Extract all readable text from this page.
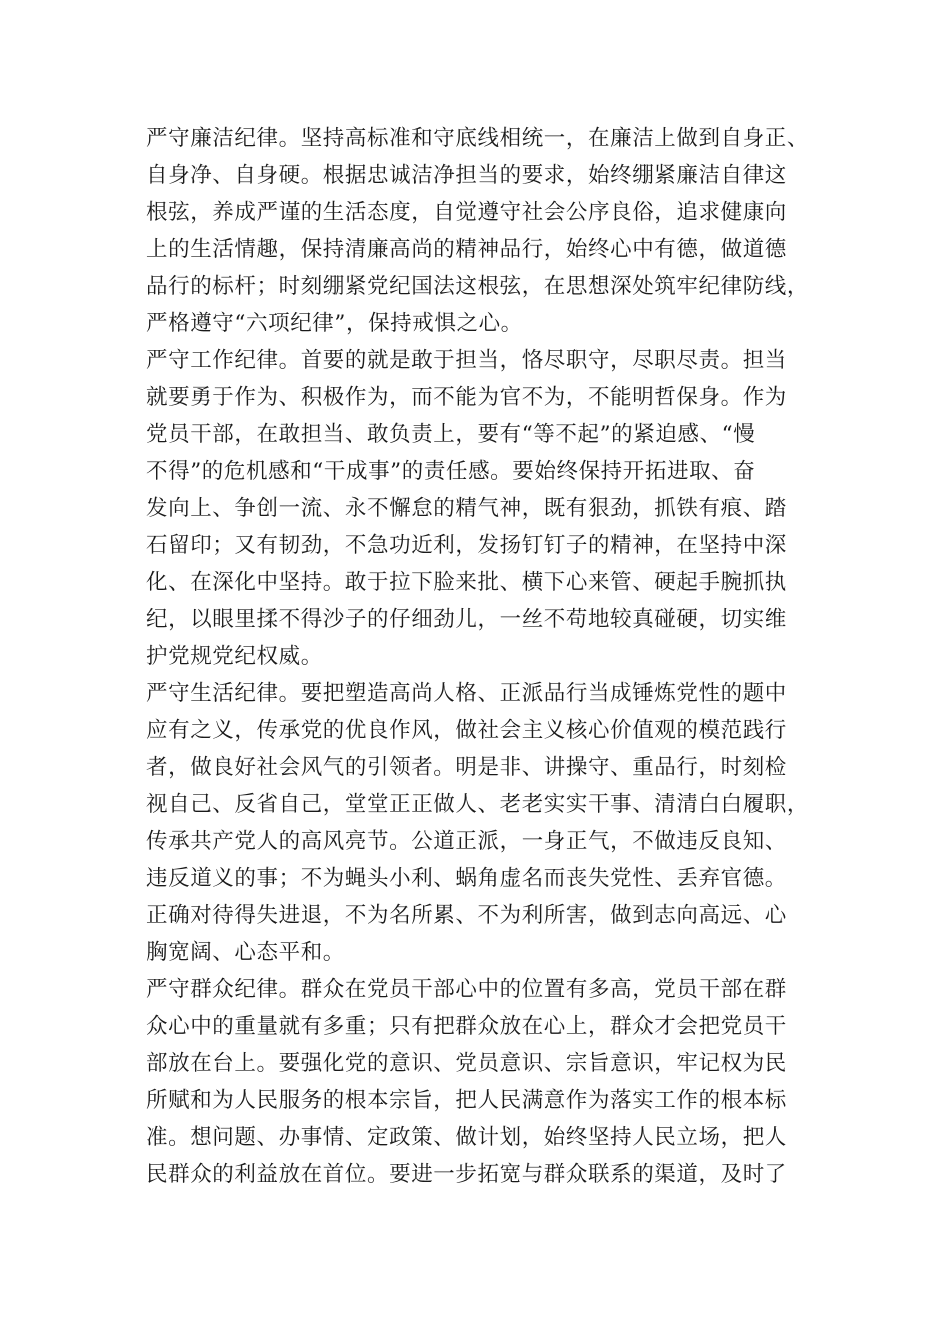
严守廉洁纪律。坚持高标准和守底线相统一，在廉洁上做到自身正、
自身净、自身硬。根据忠诚洁净担当的要求，始终绷紧廉洁自律这
根弦，养成严谨的生活态度，自觉遵守社会公序良俗，追求健康向
上的生活情趣，保持清廉高尚的精神品行，始终心中有德，做道德
品行的标杆；时刻绷紧党纪国法这根弦，在思想深处筑牢纪律防线，
严格遵守“六项纪律”，保持戒惧之心。
严守工作纪律。首要的就是敢于担当，恪尽职守，尽职尽责。担当
就要勇于作为、积极作为，而不能为官不为，不能明哲保身。作为
党员干部，在敢担当、敢负责上，要有“等不起”的紧迫感、“慢
不得”的危机感和“干成事”的责任感。要始终保持开拓进取、奋
发向上、争创一流、永不懈怠的精气神，既有狠劲，抓铁有痕、踏
石留印；又有韧劲，不急功近利，发扬钉钉子的精神，在坚持中深
化、在深化中坚持。敢于拉下脸来批、横下心来管、硬起手腕抓执
纪，以眼里揉不得沙子的仔细劲儿，一丝不苟地较真碰硬，切实维
护党规党纪权威。
严守生活纪律。要把塑造高尚人格、正派品行当成锤炼党性的题中
应有之义，传承党的优良作风，做社会主义核心价值观的模范践行
者，做良好社会风气的引领者。明是非、讲操守、重品行，时刻检
视自己、反省自己，堂堂正正做人、老老实实干事、清清白白履职，
传承共产党人的高风亮节。公道正派，一身正气，不做违反良知、
违反道义的事；不为蝇头小利、蜗角虚名而丧失党性、丢弃官德。
正确对待得失进退，不为名所累、不为利所害，做到志向高远、心
胸宽阔、心态平和。
严守群众纪律。群众在党员干部心中的位置有多高，党员干部在群
众心中的重量就有多重；只有把群众放在心上，群众才会把党员干
部放在台上。要强化党的意识、党员意识、宗旨意识，牢记权为民
所赋和为人民服务的根本宗旨，把人民满意作为落实工作的根本标
准。想问题、办事情、定政策、做计划，始终坚持人民立场，把人
民群众的利益放在首位。要进一步拓宽与群众联系的渠道，及时了
